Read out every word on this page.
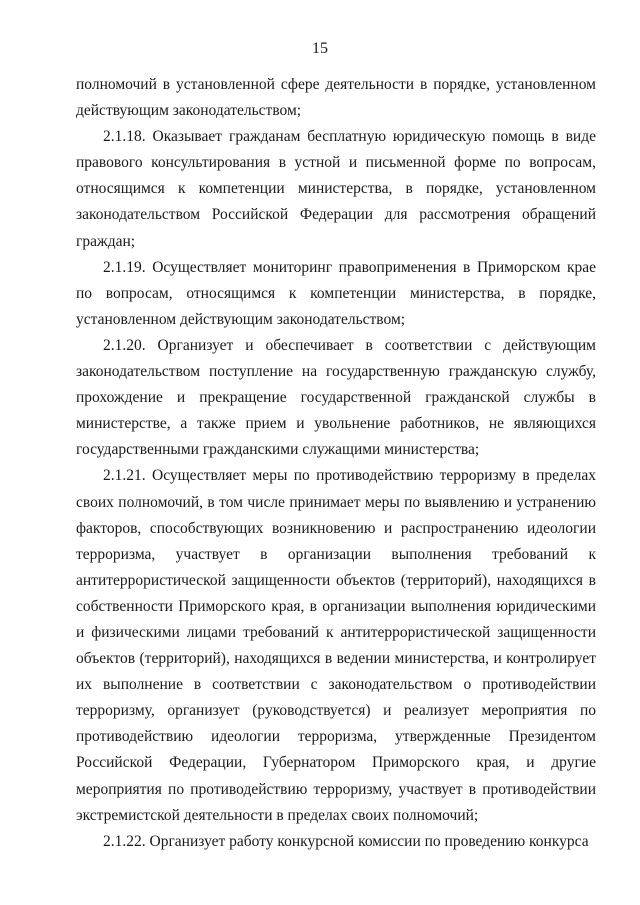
15

полномочий в установленной сфере деятельности в порядке, установленном действующим законодательством;

2.1.18. Оказывает гражданам бесплатную юридическую помощь в виде правового консультирования в устной и письменной форме по вопросам, относящимся к компетенции министерства, в порядке, установленном законодательством Российской Федерации для рассмотрения обращений граждан;

2.1.19. Осуществляет мониторинг правоприменения в Приморском крае по вопросам, относящимся к компетенции министерства, в порядке, установленном действующим законодательством;

2.1.20. Организует и обеспечивает в соответствии с действующим законодательством поступление на государственную гражданскую службу, прохождение и прекращение государственной гражданской службы в министерстве, а также прием и увольнение работников, не являющихся государственными гражданскими служащими министерства;

2.1.21. Осуществляет меры по противодействию терроризму в пределах своих полномочий, в том числе принимает меры по выявлению и устранению факторов, способствующих возникновению и распространению идеологии терроризма, участвует в организации выполнения требований к антитеррористической защищенности объектов (территорий), находящихся в собственности Приморского края, в организации выполнения юридическими и физическими лицами требований к антитеррористической защищенности объектов (территорий), находящихся в ведении министерства, и контролирует их выполнение в соответствии с законодательством о противодействии терроризму, организует (руководствуется) и реализует мероприятия по противодействию идеологии терроризма, утвержденные Президентом Российской Федерации, Губернатором Приморского края, и другие мероприятия по противодействию терроризму, участвует в противодействии экстремистской деятельности в пределах своих полномочий;

2.1.22. Организует работу конкурсной комиссии по проведению конкурса
